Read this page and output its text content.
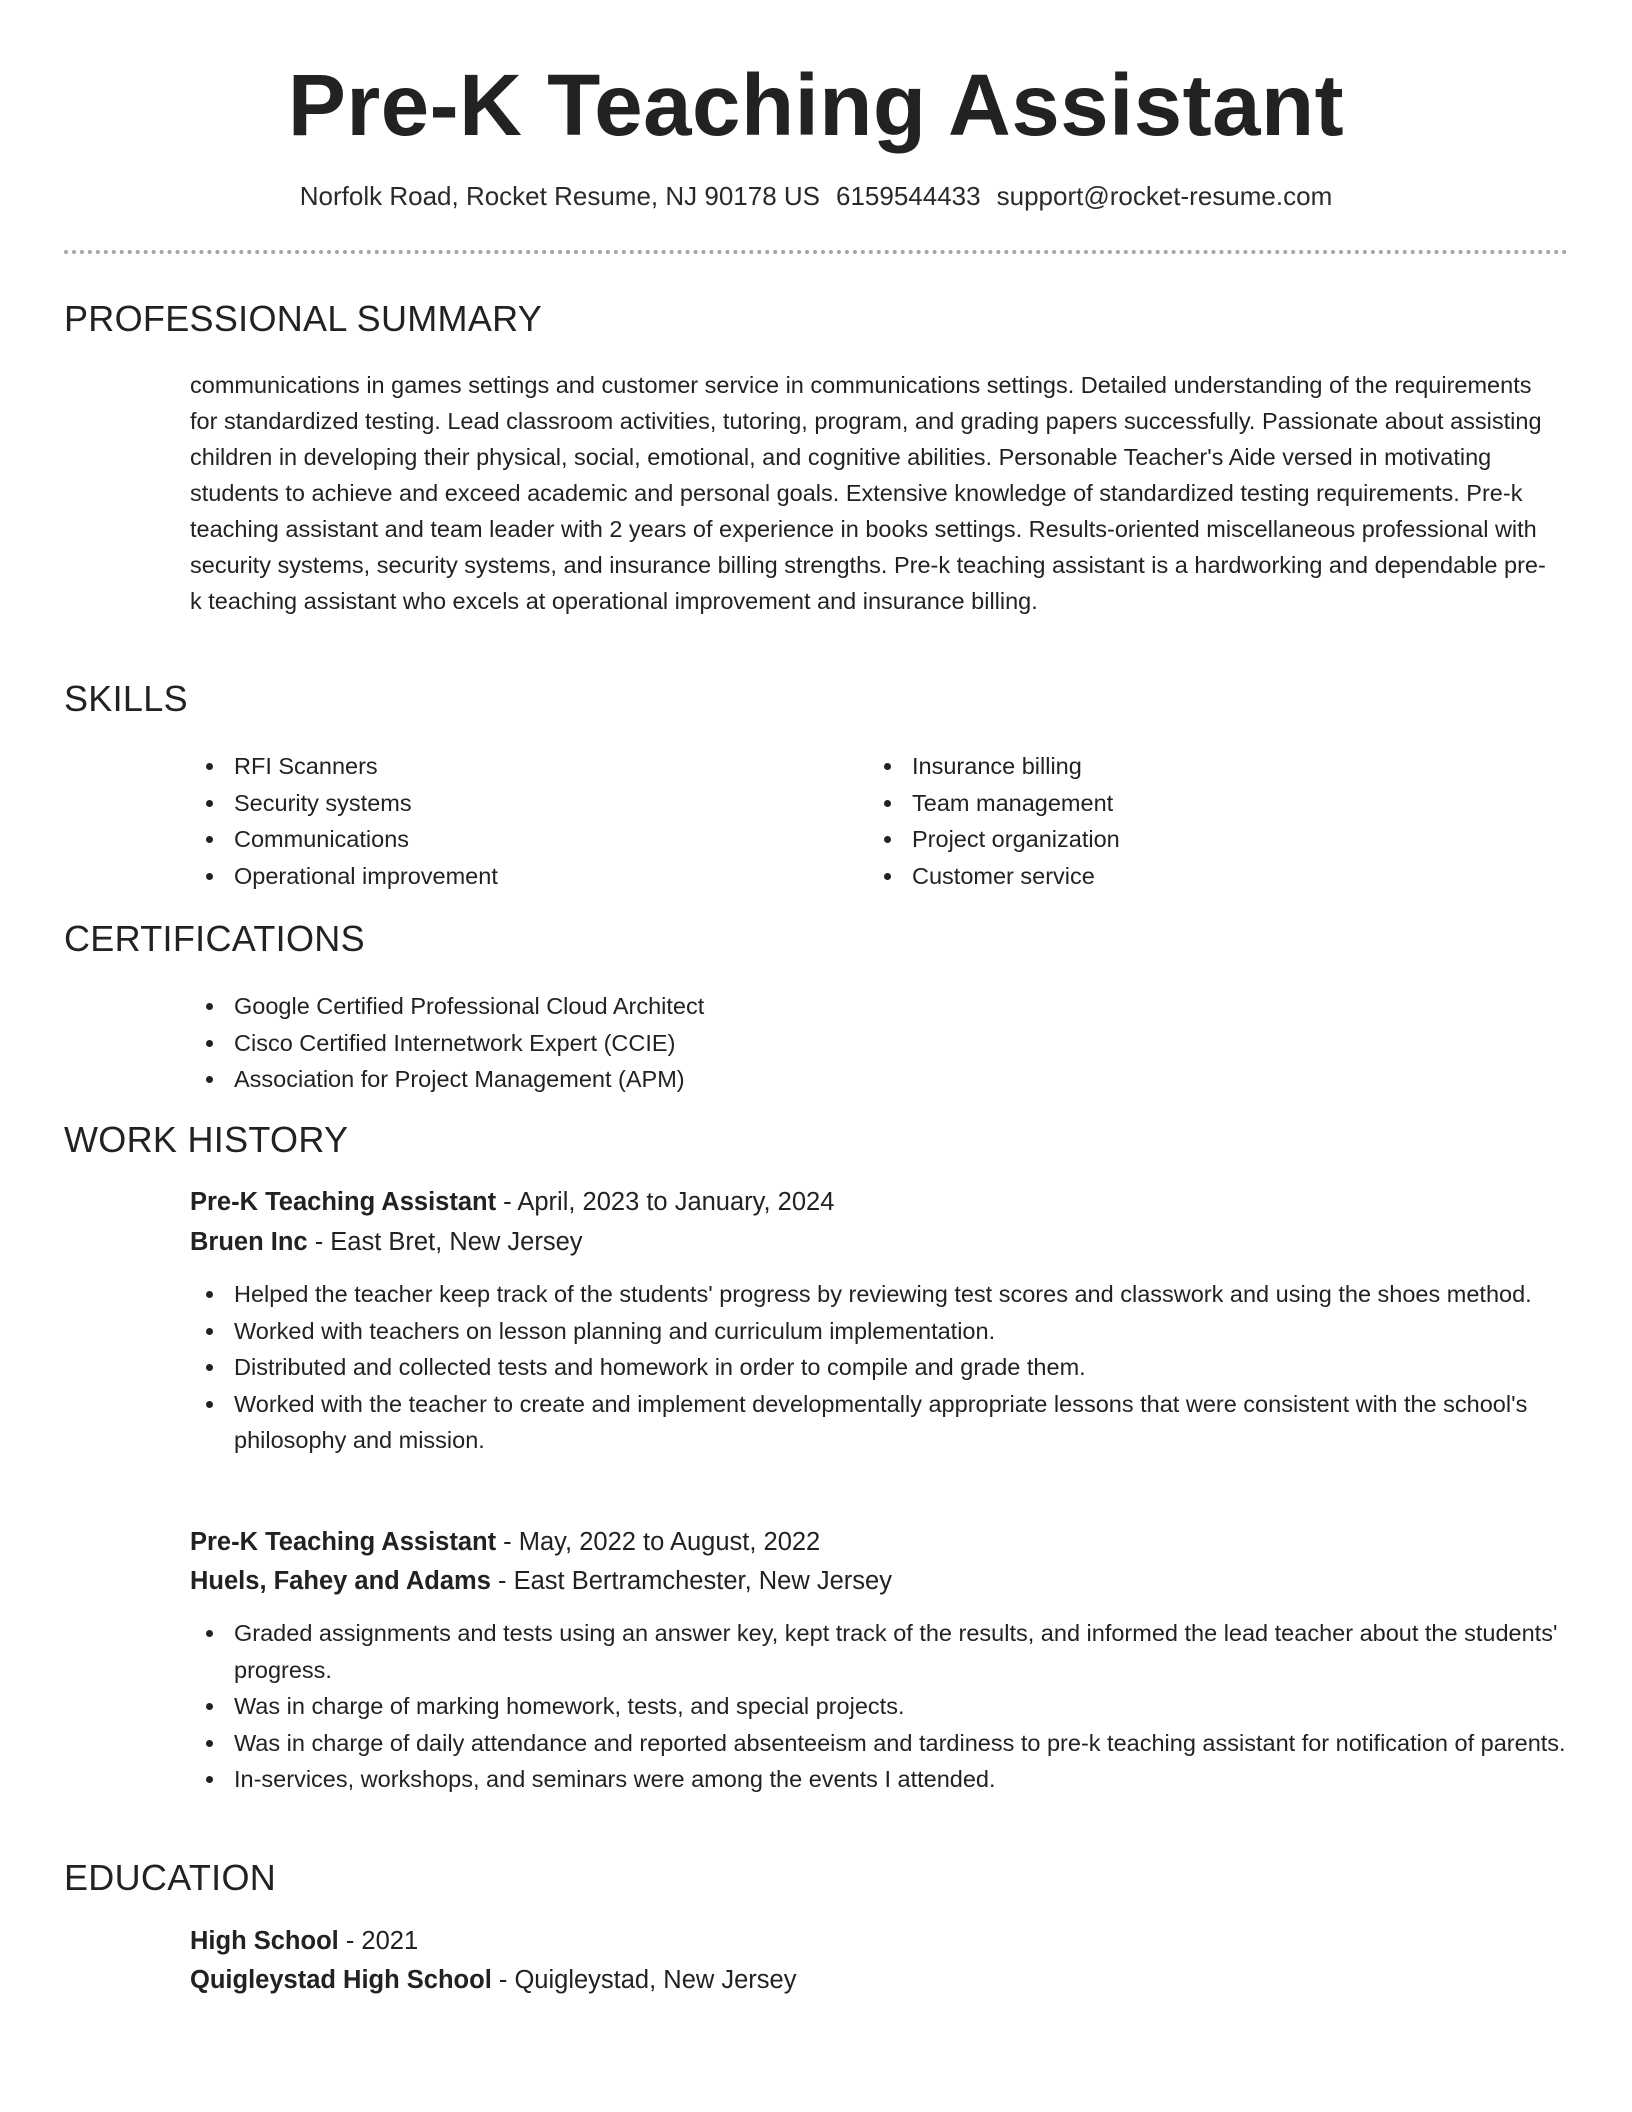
Pre-K Teaching Assistant
Norfolk Road, Rocket Resume, NJ 90178 US 6159544433 support@rocket-resume.com
PROFESSIONAL SUMMARY

communications in games settings and customer service in communications settings. Detailed understanding of the requirements for standardized testing. Lead classroom activities, tutoring, program, and grading papers successfully. Passionate about assisting children in developing their physical, social, emotional, and cognitive abilities. Personable Teacher's Aide versed in motivating students to achieve and exceed academic and personal goals. Extensive knowledge of standardized testing requirements. Pre-k teaching assistant and team leader with 2 years of experience in books settings. Results-oriented miscellaneous professional with security systems, security systems, and insurance billing strengths. Pre-k teaching assistant is a hardworking and dependable pre-k teaching assistant who excels at operational improvement and insurance billing.

SKILLS
RFI Scanners
Security systems
Communications
Operational improvement
Insurance billing
Team management
Project organization
Customer service
CERTIFICATIONS
Google Certified Professional Cloud Architect
Cisco Certified Internetwork Expert (CCIE)
Association for Project Management (APM)
WORK HISTORY
Pre-K Teaching Assistant - April, 2023 to January, 2024
Bruen Inc - East Bret, New Jersey
Helped the teacher keep track of the students' progress by reviewing test scores and classwork and using the shoes method.
Worked with teachers on lesson planning and curriculum implementation.
Distributed and collected tests and homework in order to compile and grade them.
Worked with the teacher to create and implement developmentally appropriate lessons that were consistent with the school's philosophy and mission.
Pre-K Teaching Assistant - May, 2022 to August, 2022
Huels, Fahey and Adams - East Bertramchester, New Jersey
Graded assignments and tests using an answer key, kept track of the results, and informed the lead teacher about the students' progress.
Was in charge of marking homework, tests, and special projects.
Was in charge of daily attendance and reported absenteeism and tardiness to pre-k teaching assistant for notification of parents.
In-services, workshops, and seminars were among the events I attended.
EDUCATION
High School - 2021
Quigleystad High School - Quigleystad, New Jersey
